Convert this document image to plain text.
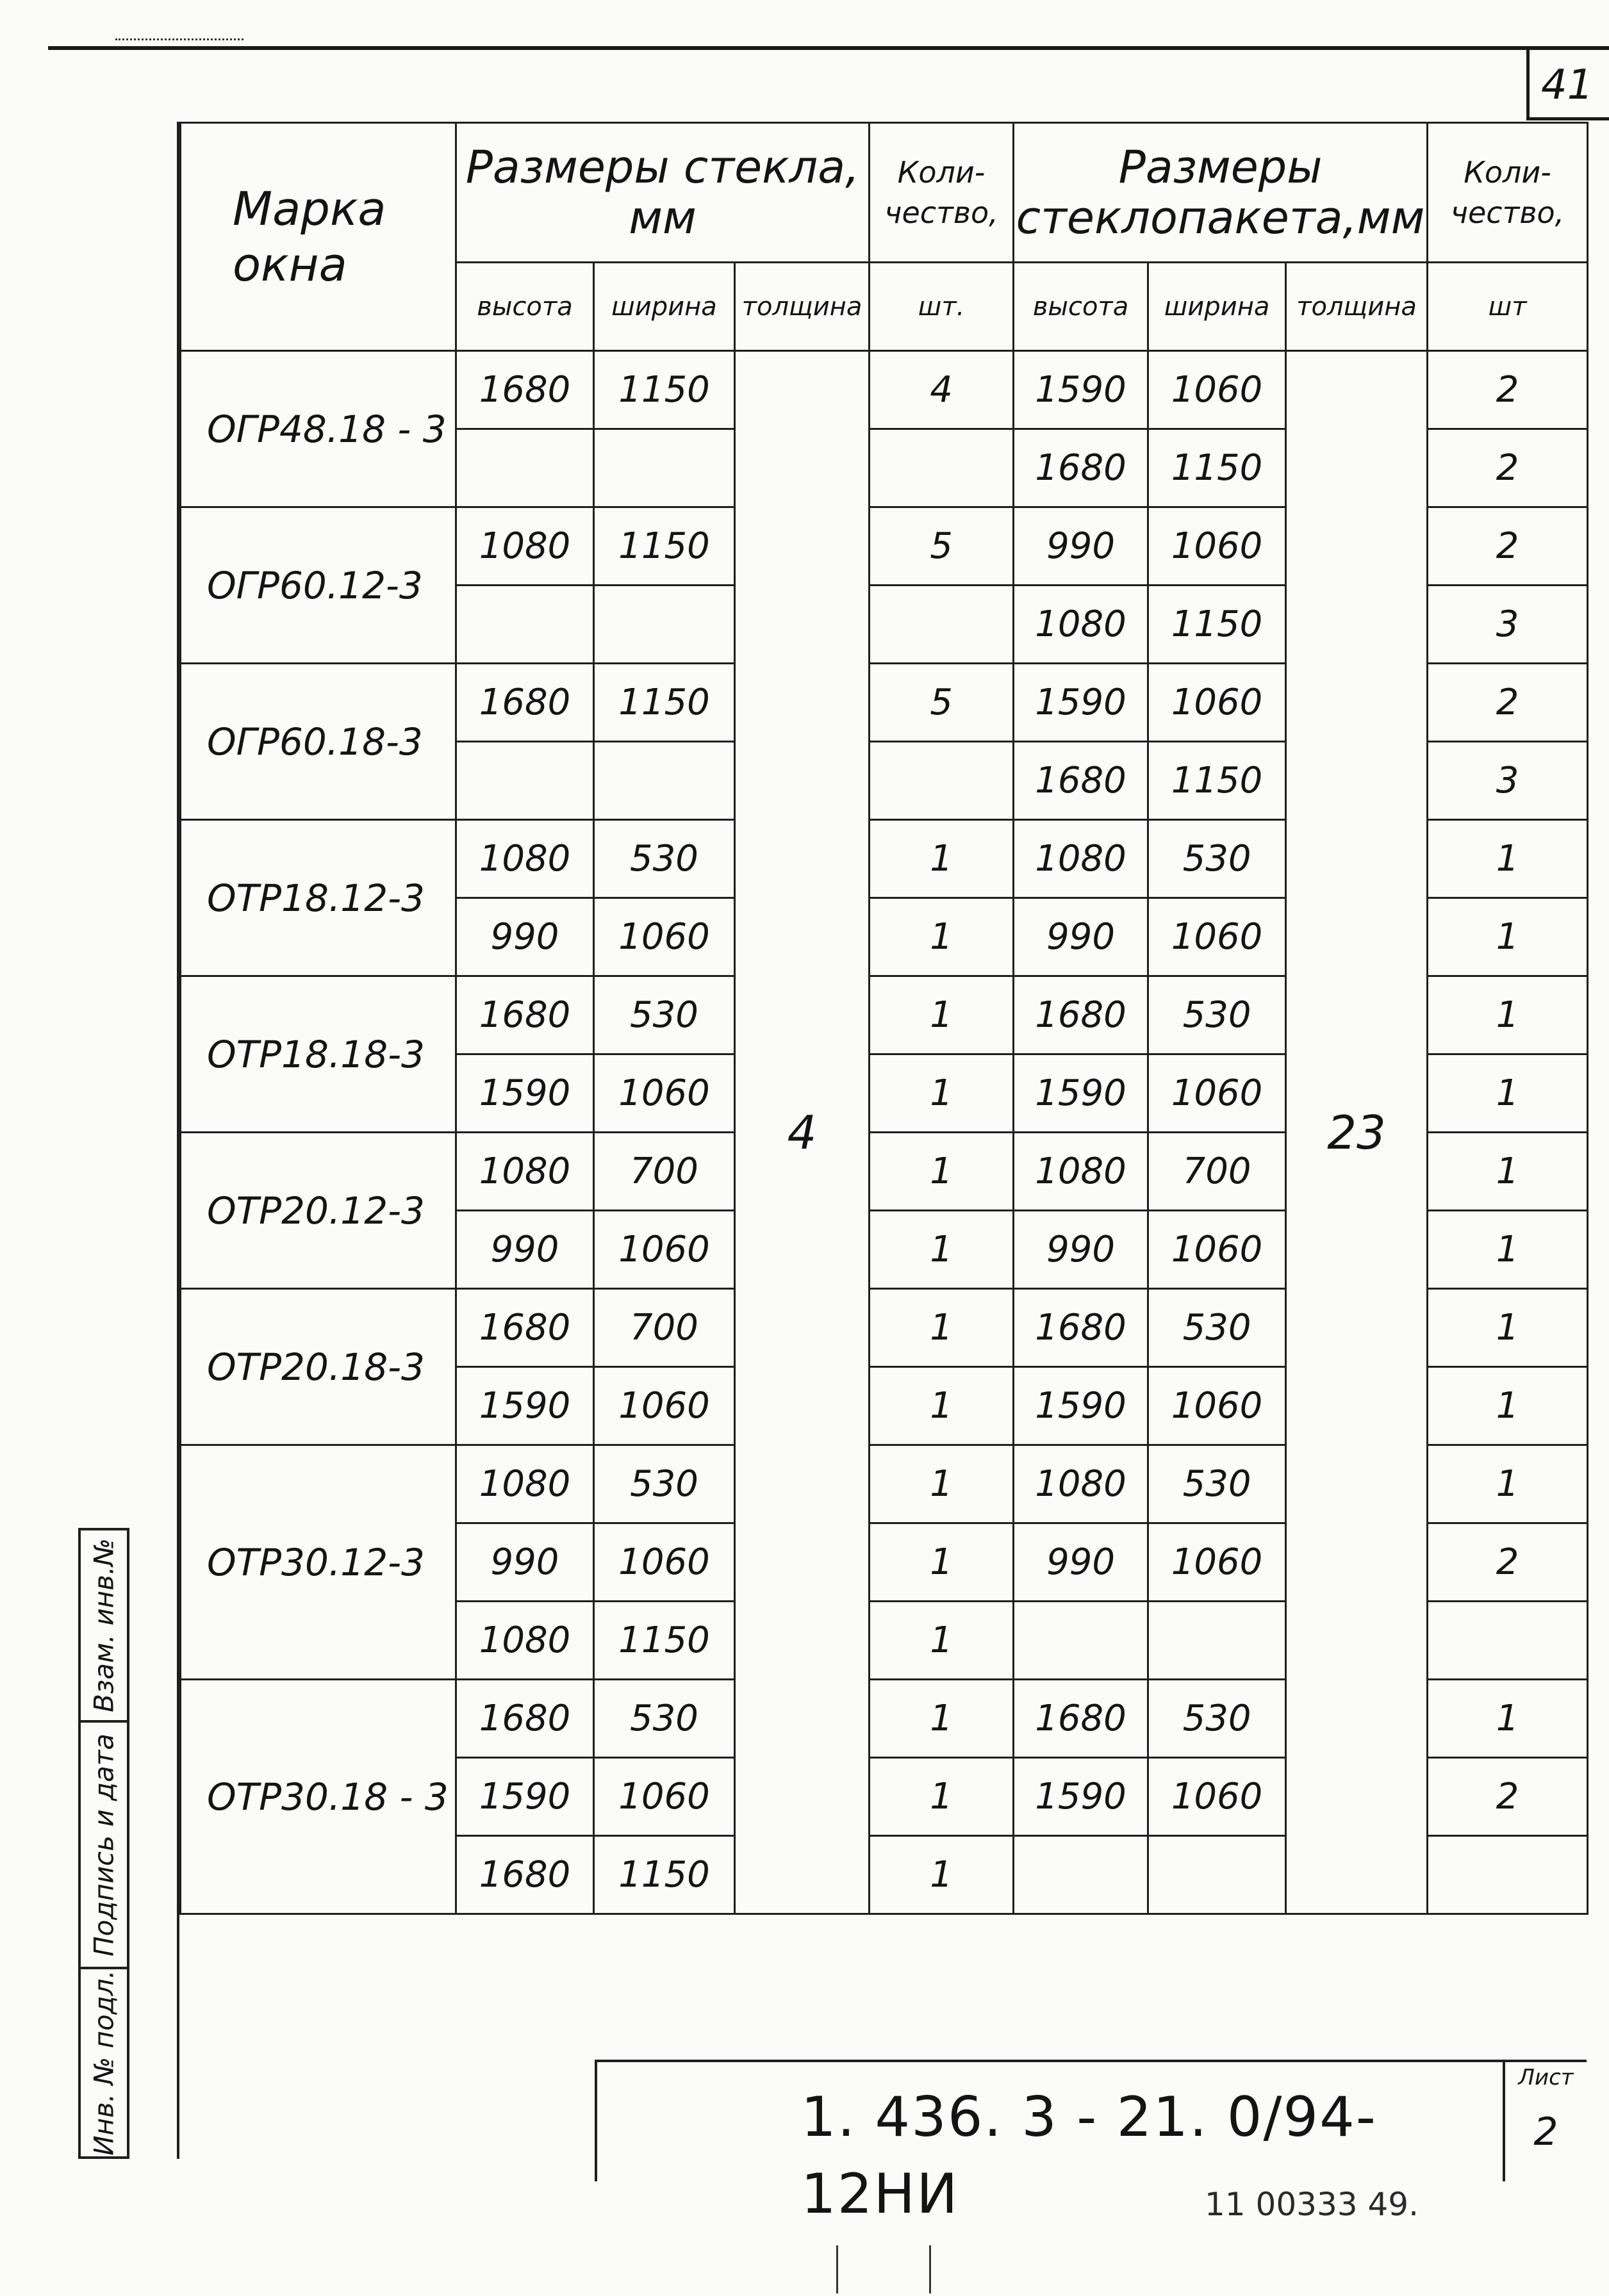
41
Марка окна	Размеры стекла, мм			Коли-чество,	Размеры стеклопакета,мм			Коли-чество,
	высота	ширина	толщина	шт.	высота	ширина	толщина	шт
ОГР48.18 - 3	1680	1150	4	4	1590	1060	23	2
					1680	1150		2
ОГР60.12-3	1080	1150		5	990	1060		2
					1080	1150		3
ОГР60.18-3	1680	1150		5	1590	1060		2
					1680	1150		3
ОТР18.12-3	1080	530		1	1080	530		1
	990	1060		1	990	1060		1
ОТР18.18-3	1680	530		1	1680	530		1
	1590	1060		1	1590	1060		1
ОТР20.12-3	1080	700		1	1080	700		1
	990	1060		1	990	1060		1
ОТР20.18-3	1680	700		1	1680	530		1
	1590	1060		1	1590	1060		1
ОТР30.12-3	1080	530		1	1080	530		1
	990	1060		1	990	1060		2
	1080	1150		1				
ОТР30.18 - 3	1680	530		1	1680	530		1
	1590	1060		1	1590	1060		2
	1680	1150		1				

Взам. инв.№
Подпись и дата
Инв. № подл.	1. 436. 3 - 21. 0/94-12НИ
Лист
2
11 00333 49.
